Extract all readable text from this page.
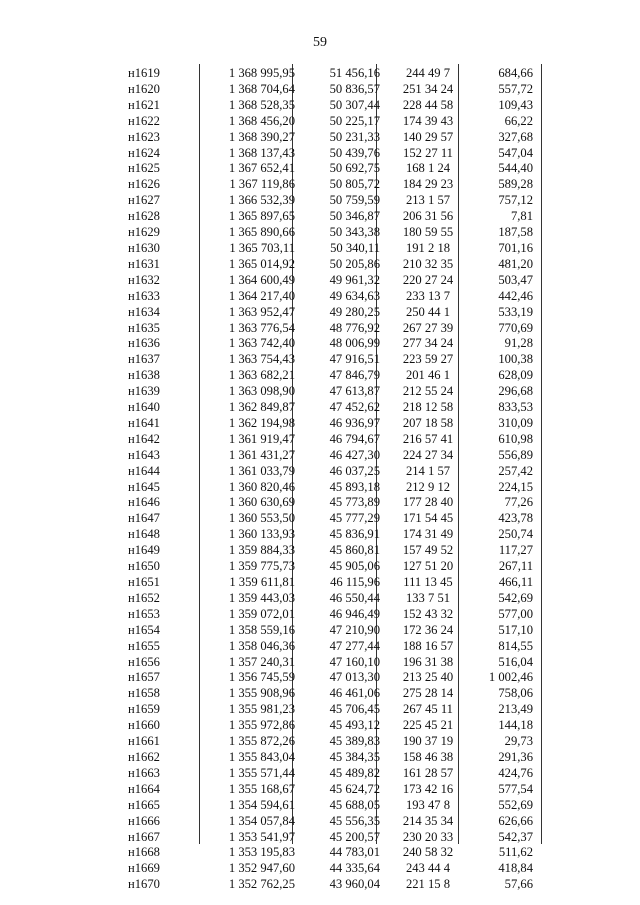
59
н1619	1 368 995,95	51 456,16	244 49 7	684,66
н1620	1 368 704,64	50 836,57	251 34 24	557,72
н1621	1 368 528,35	50 307,44	228 44 58	109,43
н1622	1 368 456,20	50 225,17	174 39 43	66,22
н1623	1 368 390,27	50 231,33	140 29 57	327,68
н1624	1 368 137,43	50 439,76	152 27 11	547,04
н1625	1 367 652,41	50 692,75	168 1 24	544,40
н1626	1 367 119,86	50 805,72	184 29 23	589,28
н1627	1 366 532,39	50 759,59	213 1 57	757,12
н1628	1 365 897,65	50 346,87	206 31 56	7,81
н1629	1 365 890,66	50 343,38	180 59 55	187,58
н1630	1 365 703,11	50 340,11	191 2 18	701,16
н1631	1 365 014,92	50 205,86	210 32 35	481,20
н1632	1 364 600,49	49 961,32	220 27 24	503,47
н1633	1 364 217,40	49 634,63	233 13 7	442,46
н1634	1 363 952,47	49 280,25	250 44 1	533,19
н1635	1 363 776,54	48 776,92	267 27 39	770,69
н1636	1 363 742,40	48 006,99	277 34 24	91,28
н1637	1 363 754,43	47 916,51	223 59 27	100,38
н1638	1 363 682,21	47 846,79	201 46 1	628,09
н1639	1 363 098,90	47 613,87	212 55 24	296,68
н1640	1 362 849,87	47 452,62	218 12 58	833,53
н1641	1 362 194,98	46 936,97	207 18 58	310,09
н1642	1 361 919,47	46 794,67	216 57 41	610,98
н1643	1 361 431,27	46 427,30	224 27 34	556,89
н1644	1 361 033,79	46 037,25	214 1 57	257,42
н1645	1 360 820,46	45 893,18	212 9 12	224,15
н1646	1 360 630,69	45 773,89	177 28 40	77,26
н1647	1 360 553,50	45 777,29	171 54 45	423,78
н1648	1 360 133,93	45 836,91	174 31 49	250,74
н1649	1 359 884,33	45 860,81	157 49 52	117,27
н1650	1 359 775,73	45 905,06	127 51 20	267,11
н1651	1 359 611,81	46 115,96	111 13 45	466,11
н1652	1 359 443,03	46 550,44	133 7 51	542,69
н1653	1 359 072,01	46 946,49	152 43 32	577,00
н1654	1 358 559,16	47 210,90	172 36 24	517,10
н1655	1 358 046,36	47 277,44	188 16 57	814,55
н1656	1 357 240,31	47 160,10	196 31 38	516,04
н1657	1 356 745,59	47 013,30	213 25 40	1 002,46
н1658	1 355 908,96	46 461,06	275 28 14	758,06
н1659	1 355 981,23	45 706,45	267 45 11	213,49
н1660	1 355 972,86	45 493,12	225 45 21	144,18
н1661	1 355 872,26	45 389,83	190 37 19	29,73
н1662	1 355 843,04	45 384,35	158 46 38	291,36
н1663	1 355 571,44	45 489,82	161 28 57	424,76
н1664	1 355 168,67	45 624,72	173 42 16	577,54
н1665	1 354 594,61	45 688,05	193 47 8	552,69
н1666	1 354 057,84	45 556,35	214 35 34	626,66
н1667	1 353 541,97	45 200,57	230 20 33	542,37
н1668	1 353 195,83	44 783,01	240 58 32	511,62
н1669	1 352 947,60	44 335,64	243 44 4	418,84
н1670	1 352 762,25	43 960,04	221 15 8	57,66
